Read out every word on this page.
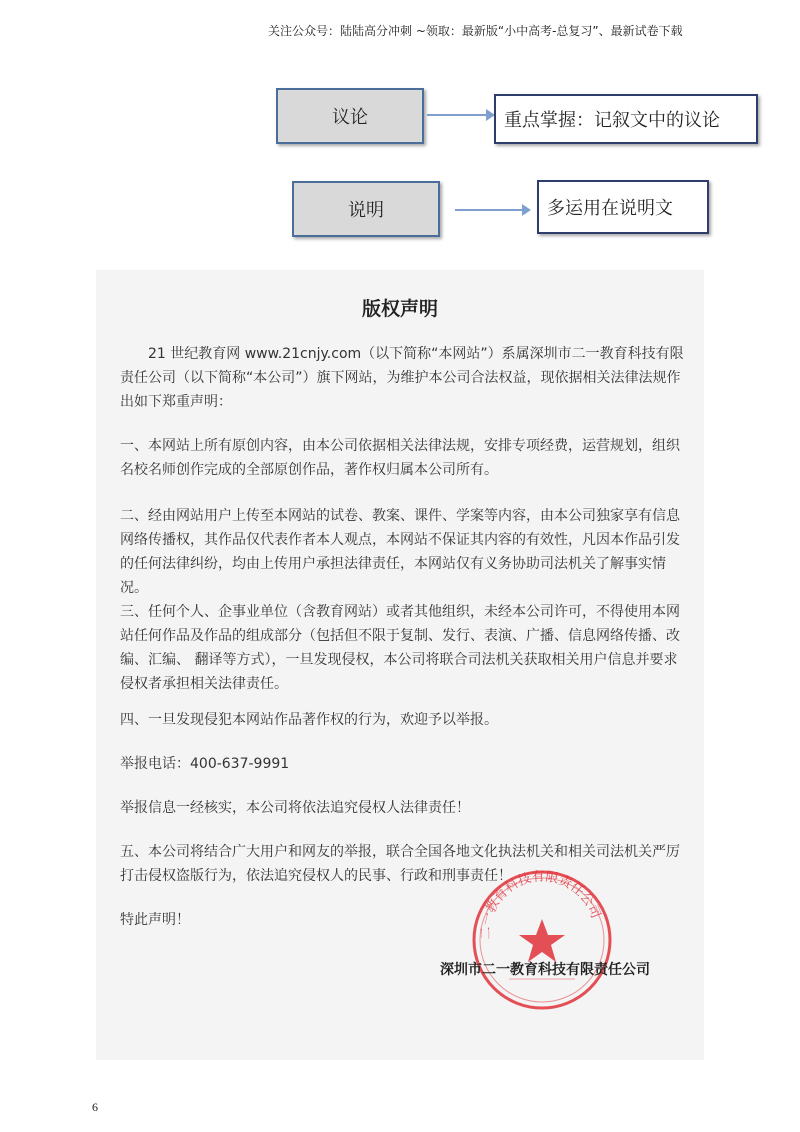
关注公众号：陆陆高分冲刺 ~领取：最新版“小中高考-总复习”、最新试卷下载
议论	重点掌握：记叙文中的议论
说明	多运用在说明文
版权声明
21 世纪教育网 www.21cnjy.com（以下简称“本网站”）系属深圳市二一教育科技有限责任公司（以下简称“本公司”）旗下网站，为维护本公司合法权益，现依据相关法律法规作出如下郑重声明：
一、本网站上所有原创内容，由本公司依据相关法律法规，安排专项经费，运营规划，组织名校名师创作完成的全部原创作品，著作权归属本公司所有。
二、经由网站用户上传至本网站的试卷、教案、课件、学案等内容，由本公司独家享有信息网络传播权，其作品仅代表作者本人观点，本网站不保证其内容的有效性，凡因本作品引发的任何法律纠纷，均由上传用户承担法律责任，本网站仅有义务协助司法机关了解事实情况。
三、任何个人、企事业单位（含教育网站）或者其他组织，未经本公司许可，不得使用本网站任何作品及作品的组成部分（包括但不限于复制、发行、表演、广播、信息网络传播、改编、汇编、 翻译等方式），一旦发现侵权，本公司将联合司法机关获取相关用户信息并要求侵权者承担相关法律责任。
四、一旦发现侵犯本网站作品著作权的行为，欢迎予以举报。
举报电话：400-637-9991
举报信息一经核实，本公司将依法追究侵权人法律责任！
五、本公司将结合广大用户和网友的举报，联合全国各地文化执法机关和相关司法机关严厉打击侵权盗版行为，依法追究侵权人的民事、行政和刑事责任！
特此声明！
二一教育科技有限责任公司
深圳市二一教育科技有限责任公司
6
